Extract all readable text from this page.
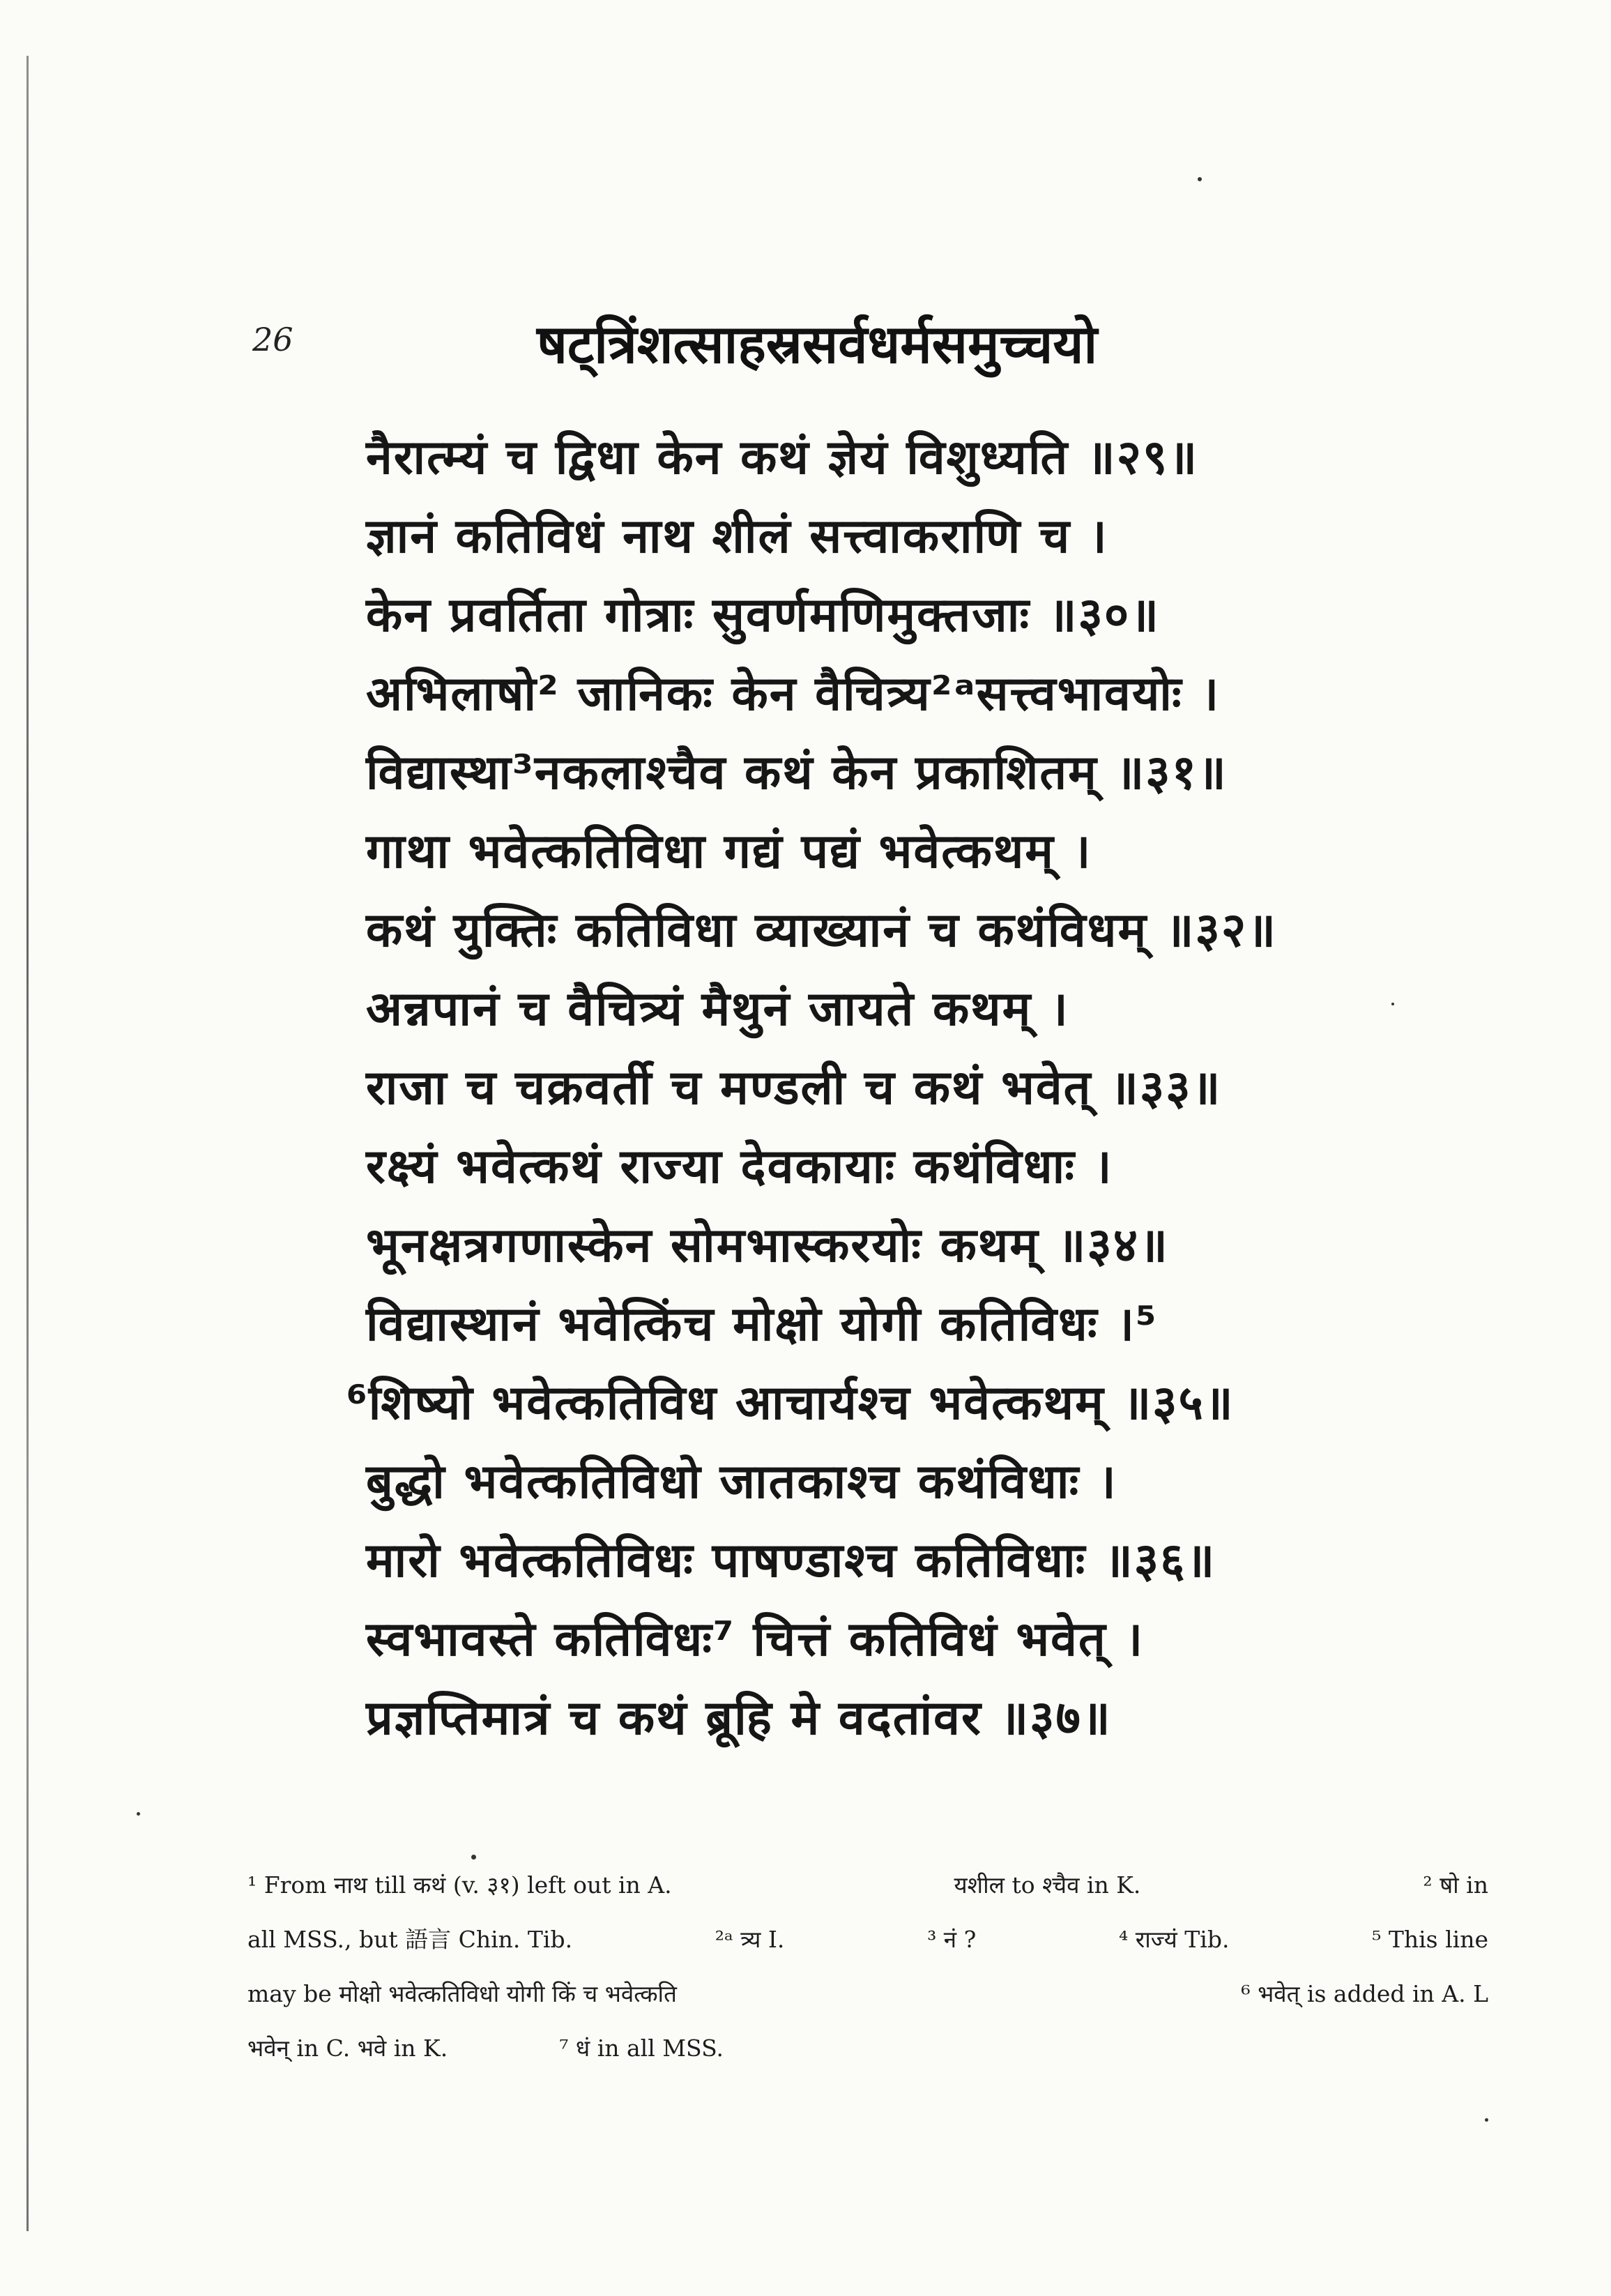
26	षट्त्रिंशत्साहस्रसर्वधर्मसमुच्चयो
नैरात्म्यं च द्विधा केन कथं ज्ञेयं विशुध्यति ॥२९॥
ज्ञानं कतिविधं नाथ शीलं सत्त्वाकराणि च ।
केन प्रवर्तिता गोत्राः सुवर्णमणिमुक्तजाः ॥३०॥
अभिलाषो² जानिकः केन वैचित्र्य²ᵃसत्त्वभावयोः ।
विद्यास्था³नकलाश्चैव कथं केन प्रकाशितम् ॥३१॥
गाथा भवेत्कतिविधा गद्यं पद्यं भवेत्कथम् ।
कथं युक्तिः कतिविधा व्याख्यानं च कथंविधम् ॥३२॥
अन्नपानं च वैचित्र्यं मैथुनं जायते कथम् ।
राजा च चक्रवर्ती च मण्डली च कथं भवेत् ॥३३॥
रक्ष्यं भवेत्कथं राज्या देवकायाः कथंविधाः ।
भूनक्षत्रगणास्केन सोमभास्करयोः कथम् ॥३४॥
विद्यास्थानं भवेत्किंच मोक्षो योगी कतिविधः ।⁵
⁶शिष्यो भवेत्कतिविध आचार्यश्च भवेत्कथम् ॥३५॥
बुद्धो भवेत्कतिविधो जातकाश्च कथंविधाः ।
मारो भवेत्कतिविधः पाषण्डाश्च कतिविधाः ॥३६॥
स्वभावस्ते कतिविधः⁷ चित्तं कतिविधं भवेत् ।
प्रज्ञप्तिमात्रं च कथं ब्रूहि मे वदतांवर ॥३७॥
¹ From नाथ till कथं (v. ३१) left out in A.	यशील to श्चैव in K.	² षो in
all MSS., but 語言 Chin. Tib.	²ᵃ त्र्य I.	³ नं ?	⁴ राज्यं Tib.	⁵ This line
may be मोक्षो भवेत्कतिविधो योगी किं च भवेत्कति	⁶ भवेत् is added in A. L
भवेन् in C. भवे in K.	⁷ धं in all MSS.
